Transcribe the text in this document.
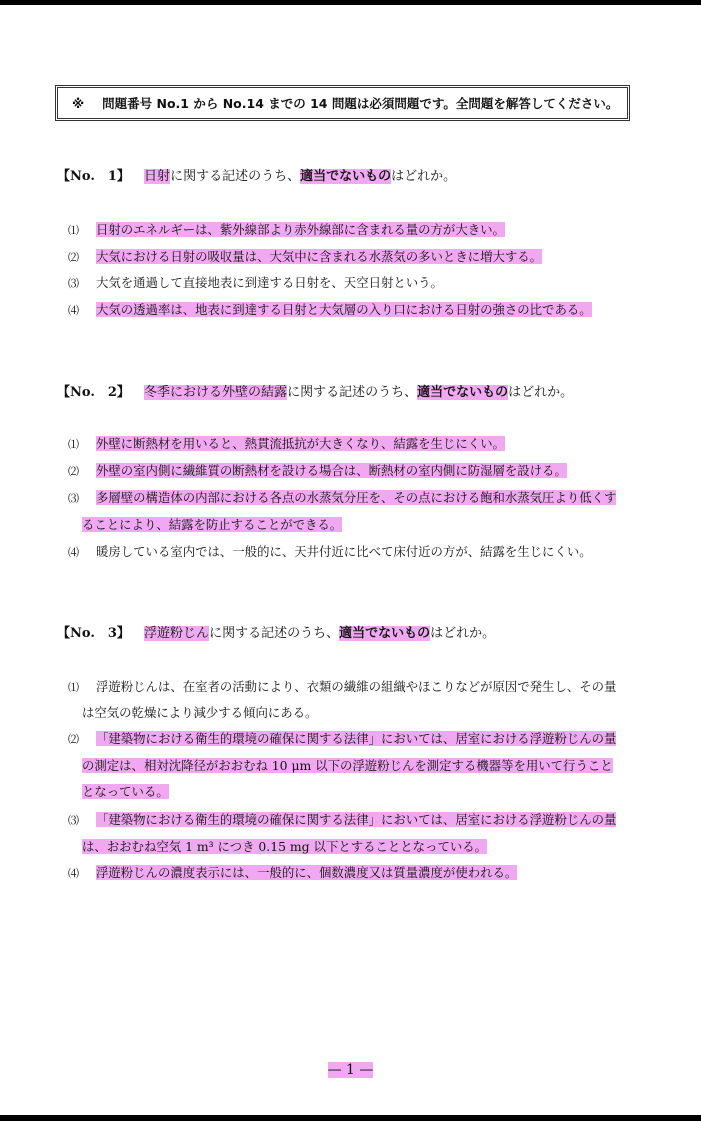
※ 問題番号 No.1 から No.14 までの 14 問題は必須問題です。全問題を解答してください。
【No.　1】 日射に関する記述のうち、適当でないものはどれか。
⑴ 日射のエネルギーは、紫外線部より赤外線部に含まれる量の方が大きい。
⑵ 大気における日射の吸収量は、大気中に含まれる水蒸気の多いときに増大する。
⑶ 大気を通過して直接地表に到達する日射を、天空日射という。
⑷ 大気の透過率は、地表に到達する日射と大気層の入り口における日射の強さの比である。
【No.　2】 冬季における外壁の結露に関する記述のうち、適当でないものはどれか。
⑴ 外壁に断熱材を用いると、熱貫流抵抗が大きくなり、結露を生じにくい。
⑵ 外壁の室内側に繊維質の断熱材を設ける場合は、断熱材の室内側に防湿層を設ける。
⑶ 多層壁の構造体の内部における各点の水蒸気分圧を、その点における飽和水蒸気圧より低くす
ることにより、結露を防止することができる。
⑷ 暖房している室内では、一般的に、天井付近に比べて床付近の方が、結露を生じにくい。
【No.　3】 浮遊粉じんに関する記述のうち、適当でないものはどれか。
⑴ 浮遊粉じんは、在室者の活動により、衣類の繊維の組織やほこりなどが原因で発生し、その量
は空気の乾燥により減少する傾向にある。
⑵ 「建築物における衛生的環境の確保に関する法律」においては、居室における浮遊粉じんの量
の測定は、相対沈降径がおおむね 10 μm 以下の浮遊粉じんを測定する機器等を用いて行うこと
となっている。
⑶ 「建築物における衛生的環境の確保に関する法律」においては、居室における浮遊粉じんの量
は、おおむね空気 1 m³ につき 0.15 mg 以下とすることとなっている。
⑷ 浮遊粉じんの濃度表示には、一般的に、個数濃度又は質量濃度が使われる。
— 1 —
